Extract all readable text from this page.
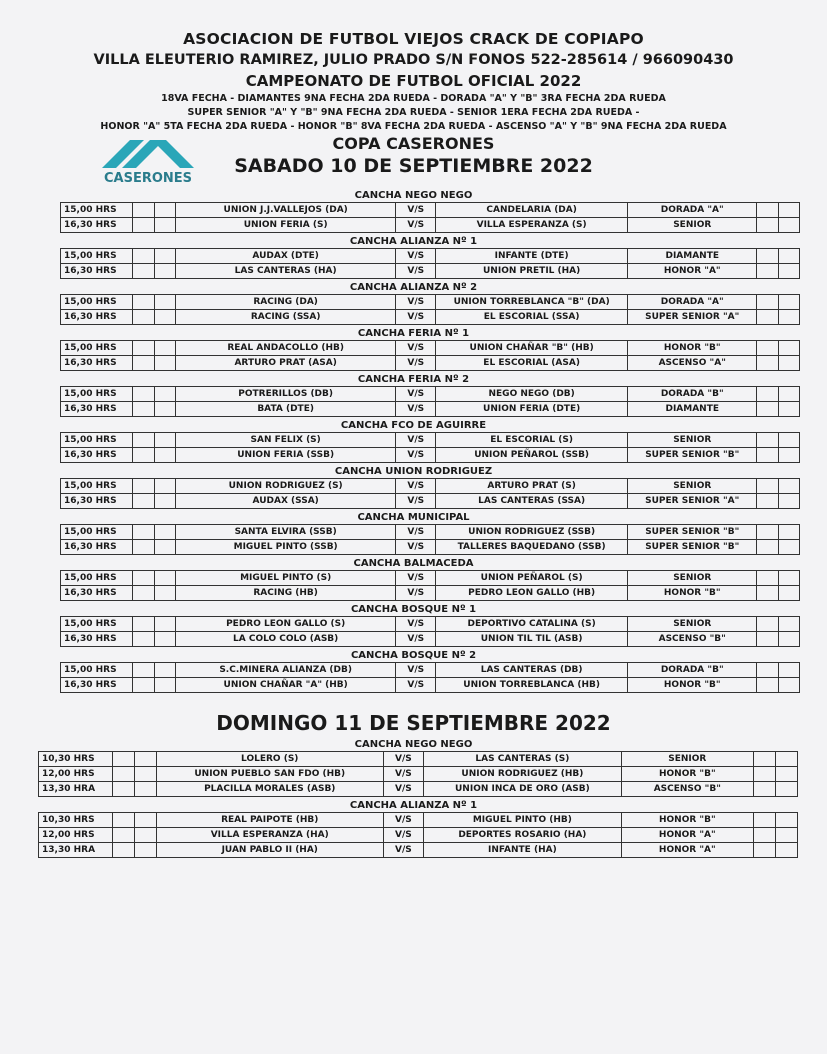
ASOCIACION DE FUTBOL VIEJOS CRACK DE COPIAPO
VILLA ELEUTERIO RAMIREZ, JULIO PRADO S/N FONOS 522-285614 / 966090430
CAMPEONATO DE FUTBOL OFICIAL 2022
18VA FECHA - DIAMANTES 9NA FECHA 2DA RUEDA - DORADA "A" Y "B" 3RA FECHA 2DA RUEDA
SUPER SENIOR "A" Y "B" 9NA FECHA 2DA RUEDA - SENIOR 1ERA FECHA 2DA RUEDA -
HONOR "A" 5TA FECHA 2DA RUEDA - HONOR "B" 8VA FECHA 2DA RUEDA - ASCENSO "A" Y "B" 9NA FECHA 2DA RUEDA
CASERONES
COPA CASERONES
SABADO 10 DE SEPTIEMBRE 2022
CANCHA NEGO NEGO
15,00 HRS			UNION J.J.VALLEJOS (DA)	V/S	CANDELARIA (DA)	DORADA "A"		
16,30 HRS			UNION FERIA (S)	V/S	VILLA ESPERANZA (S)	SENIOR		
CANCHA ALIANZA Nº 1
15,00 HRS			AUDAX (DTE)	V/S	INFANTE (DTE)	DIAMANTE		
16,30 HRS			LAS CANTERAS (HA)	V/S	UNION PRETIL (HA)	HONOR "A"		
CANCHA ALIANZA Nº 2
15,00 HRS			RACING (DA)	V/S	UNION TORREBLANCA "B" (DA)	DORADA "A"		
16,30 HRS			RACING (SSA)	V/S	EL ESCORIAL (SSA)	SUPER SENIOR "A"		
CANCHA FERIA Nº 1
15,00 HRS			REAL ANDACOLLO (HB)	V/S	UNION CHAÑAR "B" (HB)	HONOR "B"		
16,30 HRS			ARTURO PRAT (ASA)	V/S	EL ESCORIAL (ASA)	ASCENSO "A"		
CANCHA FERIA Nº 2
15,00 HRS			POTRERILLOS (DB)	V/S	NEGO NEGO (DB)	DORADA "B"		
16,30 HRS			BATA (DTE)	V/S	UNION FERIA (DTE)	DIAMANTE		
CANCHA FCO DE AGUIRRE
15,00 HRS			SAN FELIX (S)	V/S	EL ESCORIAL (S)	SENIOR		
16,30 HRS			UNION FERIA (SSB)	V/S	UNION PEÑAROL (SSB)	SUPER SENIOR "B"		
CANCHA UNION RODRIGUEZ
15,00 HRS			UNION RODRIGUEZ (S)	V/S	ARTURO PRAT (S)	SENIOR		
16,30 HRS			AUDAX (SSA)	V/S	LAS CANTERAS (SSA)	SUPER SENIOR "A"		
CANCHA MUNICIPAL
15,00 HRS			SANTA ELVIRA (SSB)	V/S	UNION RODRIGUEZ (SSB)	SUPER SENIOR "B"		
16,30 HRS			MIGUEL PINTO (SSB)	V/S	TALLERES BAQUEDANO (SSB)	SUPER SENIOR "B"		
CANCHA BALMACEDA
15,00 HRS			MIGUEL PINTO (S)	V/S	UNION PEÑAROL (S)	SENIOR		
16,30 HRS			RACING (HB)	V/S	PEDRO LEON GALLO (HB)	HONOR "B"		
CANCHA BOSQUE Nº 1
15,00 HRS			PEDRO LEON GALLO (S)	V/S	DEPORTIVO CATALINA (S)	SENIOR		
16,30 HRS			LA COLO COLO (ASB)	V/S	UNION TIL TIL (ASB)	ASCENSO "B"		
CANCHA BOSQUE Nº 2
15,00 HRS			S.C.MINERA ALIANZA (DB)	V/S	LAS CANTERAS (DB)	DORADA "B"		
16,30 HRS			UNION CHAÑAR "A" (HB)	V/S	UNION TORREBLANCA (HB)	HONOR "B"		
DOMINGO 11 DE SEPTIEMBRE 2022
CANCHA NEGO NEGO
10,30 HRS			LOLERO (S)	V/S	LAS CANTERAS (S)	SENIOR		
12,00 HRS			UNION PUEBLO SAN FDO (HB)	V/S	UNION RODRIGUEZ (HB)	HONOR "B"		
13,30 HRA			PLACILLA MORALES (ASB)	V/S	UNION INCA DE ORO (ASB)	ASCENSO "B"		
CANCHA ALIANZA Nº 1
10,30 HRS			REAL PAIPOTE (HB)	V/S	MIGUEL PINTO (HB)	HONOR "B"		
12,00 HRS			VILLA ESPERANZA (HA)	V/S	DEPORTES ROSARIO (HA)	HONOR "A"		
13,30 HRA			JUAN PABLO II (HA)	V/S	INFANTE (HA)	HONOR "A"		
